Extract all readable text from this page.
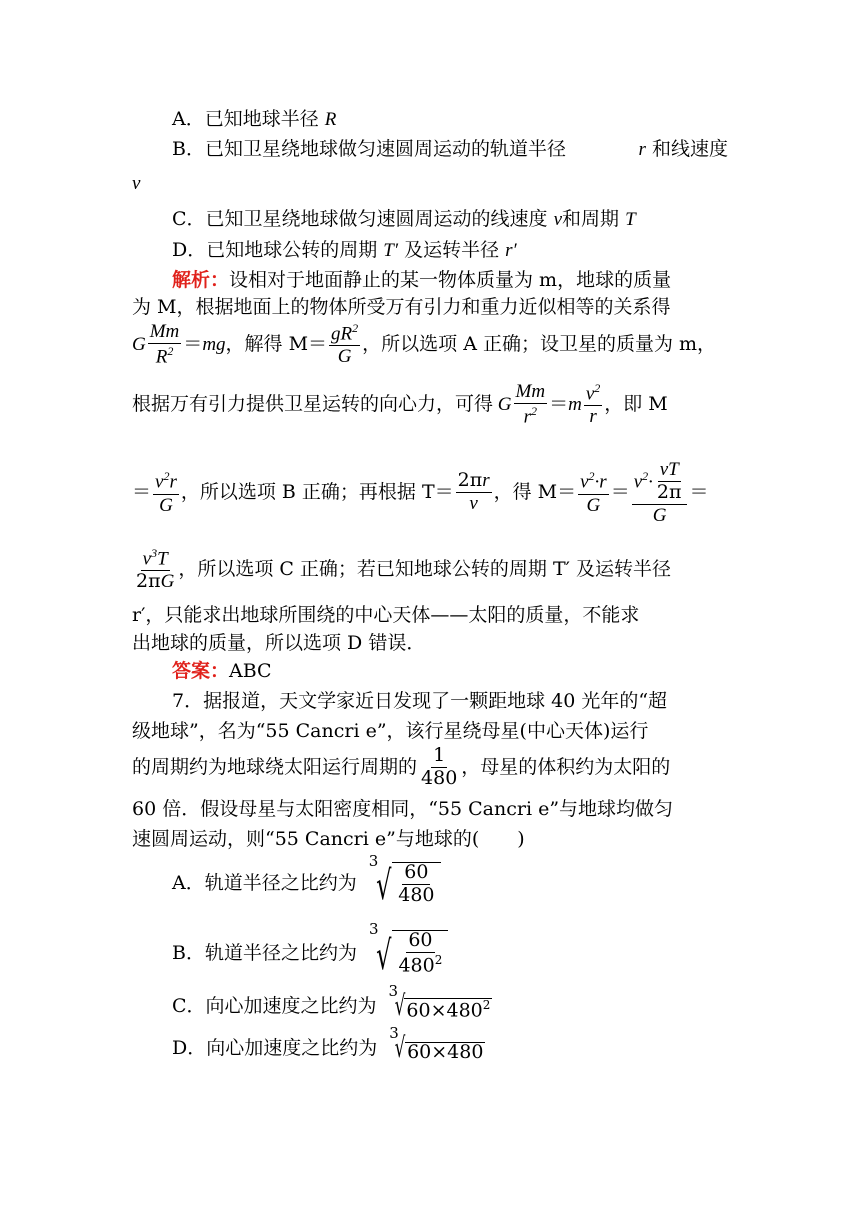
A．已知地球半径 R
B．已知卫星绕地球做匀速圆周运动的轨道半径	r 和线速度
v
C．已知卫星绕地球做匀速圆周运动的线速度 v和周期 T
D．已知地球公转的周期 T′ 及运转半径 r′
解析：设相对于地面静止的某一物体质量为 m，地球的质量
为 M，根据地面上的物体所受万有引力和重力近似相等的关系得
G
Mm
$R^2 =mg$ ，解得 $M= gR^2$
G
，所以选项 A 正确；设卫星的质量为 m，
根据万有引力提供卫星运转的向心力，可得 G
Mm
$r^2 =m$
$v^2$
r
，即 M
＝ $v^2r$
G
，所以选项 B 正确；再根据 T＝
2πr
v
，得 $M= v^2\cdot r$
G
＝ $v^2\cdot$
vT
2π
G
＝
$v^3T$
2πG
，所以选项 C 正确；若已知地球公转的周期 T′ 及运转半径
r′，只能求出地球所围绕的中心天体——太阳的质量，不能求
出地球的质量，所以选项 D 错误．
答案：ABC
7．据报道，天文学家近日发现了一颗距地球 40 光年的“超
级地球”，名为“55 Cancri e”，该行星绕母星(中心天体)运行
的周期约为地球绕太阳运行周期的
1
480 ，母星的体积约为太阳的
60 倍．假设母星与太阳密度相同，“55 Cancri e”与地球均做匀
速圆周运动，则“55 Cancri e”与地球的(　　)
A．轨道半径之比约为
3
√ $\frac{60}{480}$
B．轨道半径之比约为
3
√ $\frac{60}{480^2}$
C．向心加速度之比约为
3
√ $60\times 480^2$
D．向心加速度之比约为
3
√ 60×480
